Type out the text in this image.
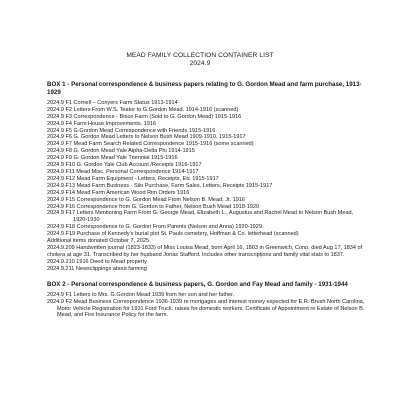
MEAD FAMILY COLLECTION CONTAINER LIST
2024.9
BOX 1 - Personal correspondence & business papers relating to G. Gordon Mead and farm purchase, 1913-1929

2024.9 F1 Cornell – Conyers Farm Status 1913-1914

2024.9 F2 Letters From W.S. Teator to G.Gordon Mead. 1914-1916 (scanned)

2024.9 F3 Correspondence - Boice Farm (Sold to G. Gordon Mead) 1915-1916

2024.9 F4 Farm House Improvements. 1916

2024.9 F5 G.Gordon Mead Correspondence with Friends 1915-1916

2024.9 F6 G. Gordon Mead Letters to Nelson Bush Mead 1909-1910, 1915-1917

2024.9 F7 Mead Farm Search Related Correspondence 1915-1916 (some scanned)

2024.9 F8 G. Gordon Mead Yale Alpha-Delta Phi 1914-1915

2024.9 F9 G. Gordon Mead Yale Triennial 1915-1916

2024.9 F10 G. Gordon Yale Club Account /Receipts 1916-1917

2024.9 F11 Mead Misc. Personal Correspondence 1914-1917

2024.9 F12 Mead Farm Equipment - Letters, Receipts, Etc 1915-1917

2024.9 F13 Mead Farm Business - Silo Purchase, Farm Sales, Letters, Receipts 1915-1917

2024.9 F14 Mead Farm American Wood Rim Orders 1916

2024.9 F15 Correspondence to G. Gordon Mead From Nelson B. Mead, Jr. 1916

2024.9 F16 Correspondence from G. Gordon to Father, Nelson Bush Mead 1918-1920

2024.9 F17 Letters Mentioning Farm From G. George Mead, Elizabeth L., Augustus and Rachel Mead to Nelson Bush Mead, 1920-1930

2024.9 F18 Correspondence to G. Gordon From Parents (Nelson and Anna) 1920-1929

2024.9 F19 Purchase of Kennedy’s burial plot St. Pauls cemetery, Hoffman & Co. letterhead (scanned)

Additional items donated October 7, 2025.

2024.9.209 Handwritten journal (1823-1833) of Miss Louisa Mead, born April 16, 1803 in Greenwich, Conn, died Aug 17, 1834 of cholera at age 31. Transcribed by her husband Jonas Stafford. Includes other transcriptions and family vital stats to 1837.

2024.9.210 1916 Deed to Mead property

2024.9.211 Newsclippings about farming

BOX 2 - Personal correspondence & business papers, G. Gordon and Fay Mead and family - 1931-1944

2024.9 F1 Letters to Mrs. G.Gordon Mead 1939 from her son and her father.

2024.9 F2 Mead Business Correspondence 1936-1939 re mortgages and interest money expected for E.R. Brush North Carolina, Motor Vehicle Registration for 1931 Ford Truck, raises for domestic workers, Certificate of Appointment re Estate of Nelson B. Mead, and Fire Insurance Policy for the farm.
